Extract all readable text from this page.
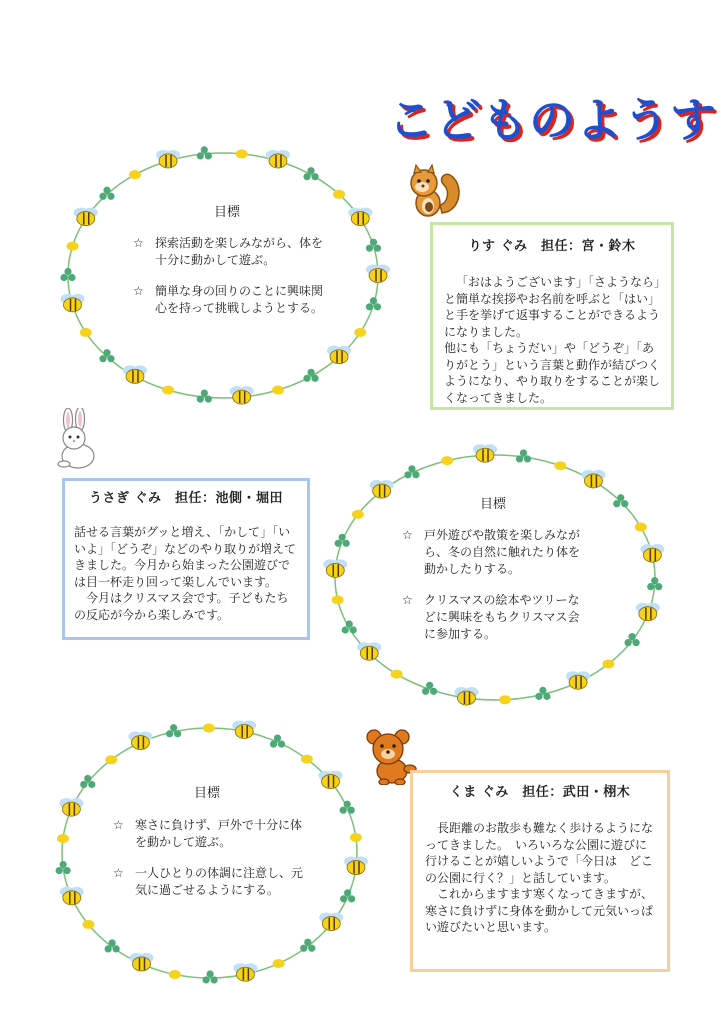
こどものようす
目標
☆ 探索活動を楽しみながら、体を十分に動かして遊ぶ。
☆ 簡単な身の回りのことに興味関心を持って挑戦しようとする。
りす ぐみ　担任：宮・鈴木
「おはようございます」「さようなら」と簡単な挨拶やお名前を呼ぶと「はい」と手を挙げて返事することができるようになりました。
他にも「ちょうだい」や「どうぞ」「ありがとう」という言葉と動作が結びつくようになり、やり取りをすることが楽しくなってきました。
うさぎ ぐみ　担任：池側・堀田
話せる言葉がグッと増え、「かして」「いいよ」「どうぞ」などのやり取りが増えてきました。今月から始まった公園遊びでは目一杯走り回って楽しんでいます。
　今月はクリスマス会です。子どもたちの反応が今から楽しみです。
目標
☆ 戸外遊びや散策を楽しみながら、冬の自然に触れたり体を動かしたりする。
☆ クリスマスの絵本やツリーなどに興味をもちクリスマス会に参加する。
目標
☆ 寒さに負けず、戸外で十分に体を動かして遊ぶ。
☆ 一人ひとりの体調に注意し、元気に過ごせるようにする。
くま ぐみ　担任：武田・栩木
　長距離のお散歩も難なく歩けるようになってきました。　いろいろな公園に遊びに行けることが嬉しいようで「今日は　どこの公園に行く？」と話しています。
　これからますます寒くなってきますが、寒さに負けずに身体を動かして元気いっぱい遊びたいと思います。
